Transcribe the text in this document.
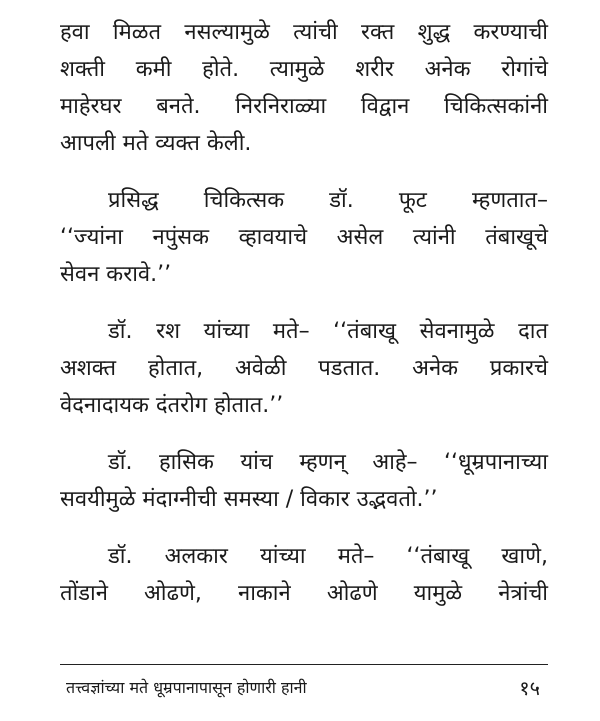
हवा मिळत नसल्यामुळे त्यांची रक्त शुद्ध करण्याची
शक्ती कमी होते. त्यामुळे शरीर अनेक रोगांचे
माहेरघर बनते. निरनिराळ्या विद्वान चिकित्सकांनी
आपली मते व्यक्त केली.
प्रसिद्ध चिकित्सक डॉ. फूट म्हणतात–
‘‘ज्यांना नपुंसक व्हावयाचे असेल त्यांनी तंबाखूचे
सेवन करावे.’’
डॉ. रश यांच्या मते– ‘‘तंबाखू सेवनामुळे दात
अशक्त होतात, अवेळी पडतात. अनेक प्रकारचे
वेदनादायक दंतरोग होतात.’’
डॉ. हासिक यांच म्हणन् आहे– ‘‘धूम्रपानाच्या
सवयीमुळे मंदाग्नीची समस्या / विकार उद्भवतो.’’
डॉ. अलकार यांच्या मते– ‘‘तंबाखू खाणे,
तोंडाने ओढणे, नाकाने ओढणे यामुळे नेत्रांची
तत्त्वज्ञांच्या मते धूम्रपानापासून होणारी हानी	१५
